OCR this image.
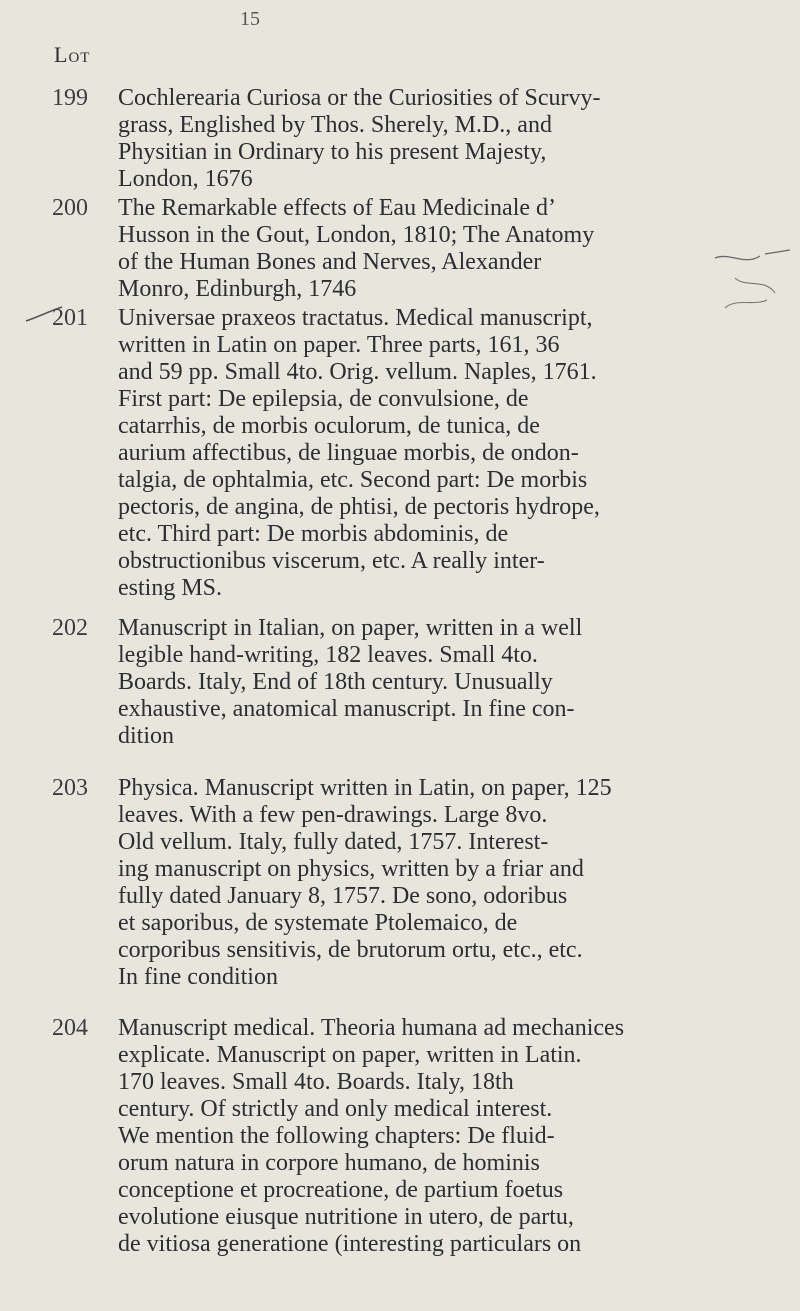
15
Lot
199 Cochlerearia Curiosa or the Curiosities of Scurvy-
grass, Englished by Thos. Sherely, M.D., and
Physitian in Ordinary to his present Majesty,
London, 1676
200 The Remarkable effects of Eau Medicinale d’
Husson in the Gout, London, 1810; The Anatomy
of the Human Bones and Nerves, Alexander
Monro, Edinburgh, 1746
201 Universae praxeos tractatus. Medical manuscript,
written in Latin on paper. Three parts, 161, 36
and 59 pp. Small 4to. Orig. vellum. Naples, 1761.
First part: De epilepsia, de convulsione, de
catarrhis, de morbis oculorum, de tunica, de
aurium affectibus, de linguae morbis, de ondon-
talgia, de ophtalmia, etc. Second part: De morbis
pectoris, de angina, de phtisi, de pectoris hydrope,
etc. Third part: De morbis abdominis, de
obstructionibus viscerum, etc. A really inter-
esting MS.
202 Manuscript in Italian, on paper, written in a well
legible hand-writing, 182 leaves. Small 4to.
Boards. Italy, End of 18th century. Unusually
exhaustive, anatomical manuscript. In fine con-
dition
203 Physica. Manuscript written in Latin, on paper, 125
leaves. With a few pen-drawings. Large 8vo.
Old vellum. Italy, fully dated, 1757. Interest-
ing manuscript on physics, written by a friar and
fully dated January 8, 1757. De sono, odoribus
et saporibus, de systemate Ptolemaico, de
corporibus sensitivis, de brutorum ortu, etc., etc.
In fine condition
204 Manuscript medical. Theoria humana ad mechanices
explicate. Manuscript on paper, written in Latin.
170 leaves. Small 4to. Boards. Italy, 18th
century. Of strictly and only medical interest.
We mention the following chapters: De fluid-
orum natura in corpore humano, de hominis
conceptione et procreatione, de partium foetus
evolutione eiusque nutritione in utero, de partu,
de vitiosa generatione (interesting particulars on
